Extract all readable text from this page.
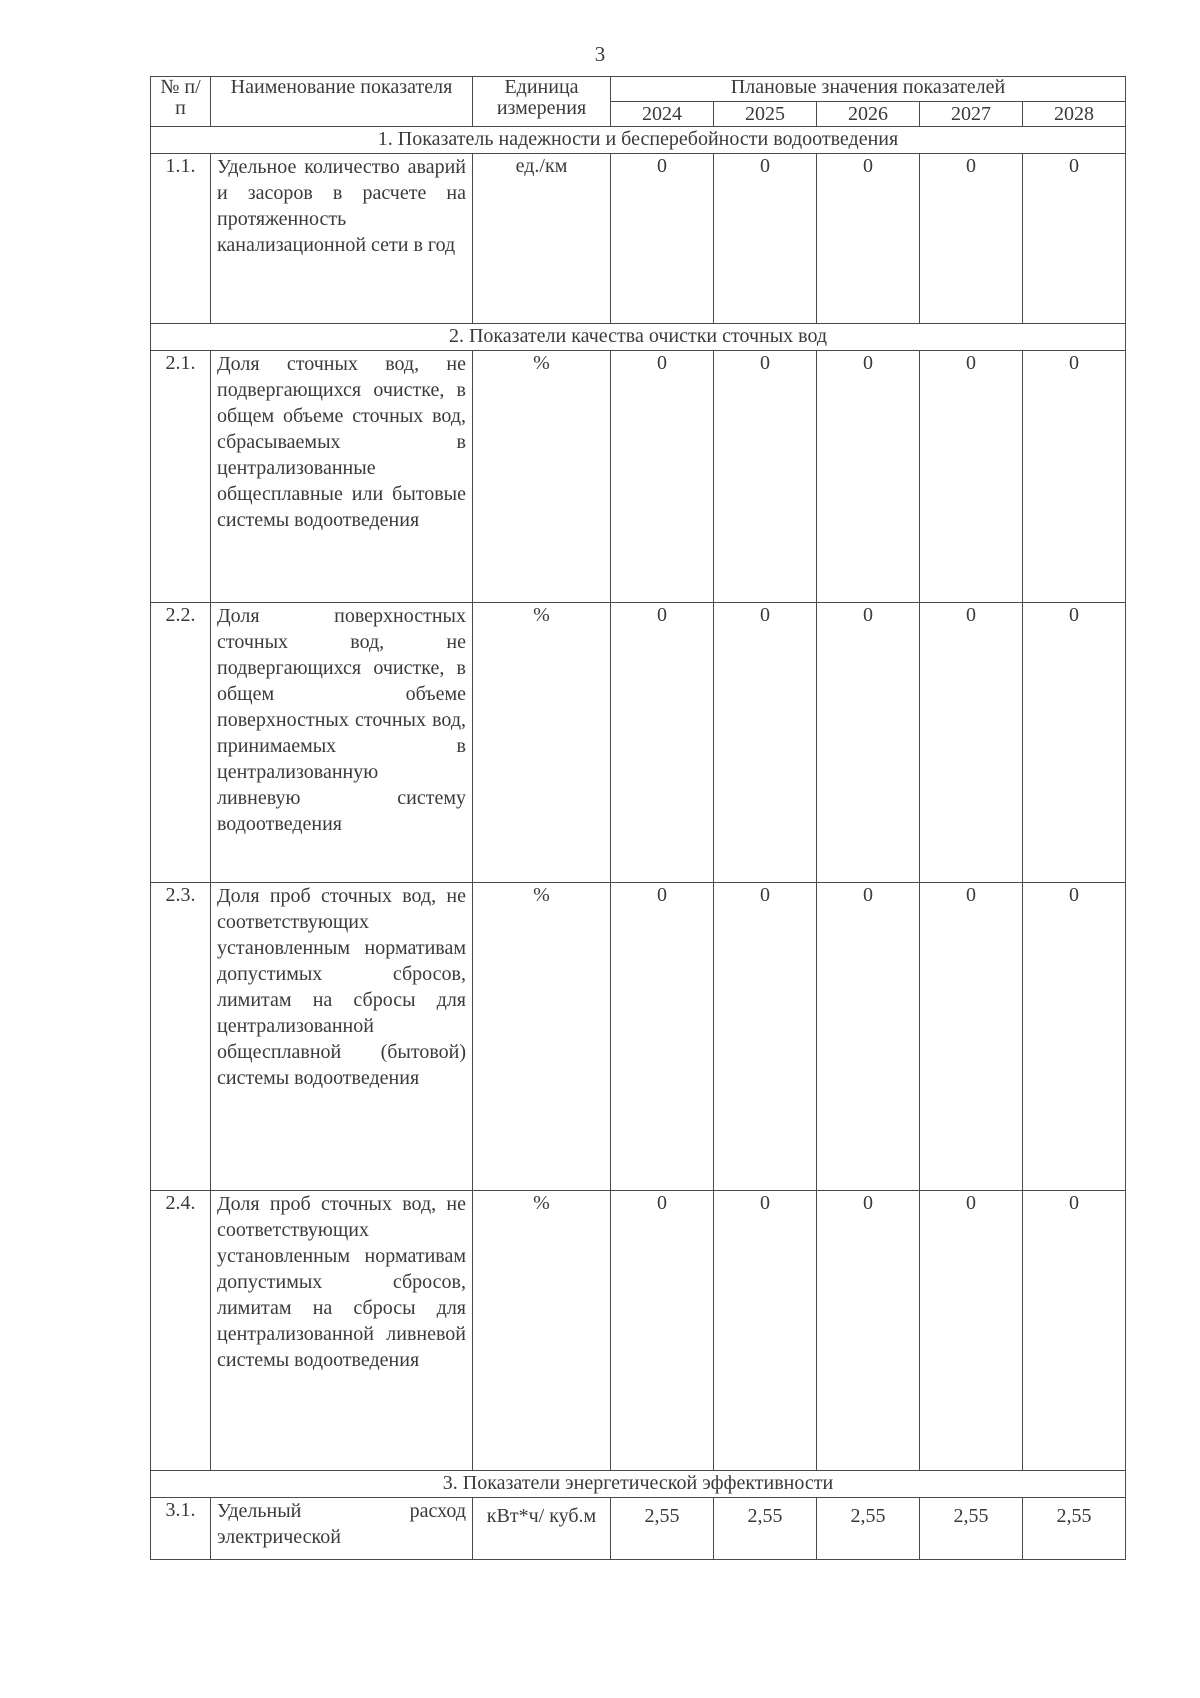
3
№ п/п	Наименование показателя	Единица измерения	Плановые значения показателей				
			2024	2025	2026	2027	2028
1. Показатель надежности и бесперебойности водоотведения							
1.1.	Удельное количество аварий и засоров в расчете на протяженность канализационной сети в год	ед./км	0	0	0	0	0
2. Показатели качества очистки сточных вод							
2.1.	Доля сточных вод, не подвергающихся очистке, в общем объеме сточных вод, сбрасываемых в централизованные общесплавные или бытовые системы водоотведения	%	0	0	0	0	0
2.2.	Доля поверхностных сточных вод, не подвергающихся очистке, в общем объеме поверхностных сточных вод, принимаемых в централизованную ливневую систему водоотведения	%	0	0	0	0	0
2.3.	Доля проб сточных вод, не соответствующих установленным нормативам допустимых сбросов, лимитам на сбросы для централизованной общесплавной (бытовой) системы водоотведения	%	0	0	0	0	0
2.4.	Доля проб сточных вод, не соответствующих установленным нормативам допустимых сбросов, лимитам на сбросы для централизованной ливневой системы водоотведения	%	0	0	0	0	0
3. Показатели энергетической эффективности							
3.1.	Удельный расход электрической	кВт*ч/ куб.м	2,55	2,55	2,55	2,55	2,55
